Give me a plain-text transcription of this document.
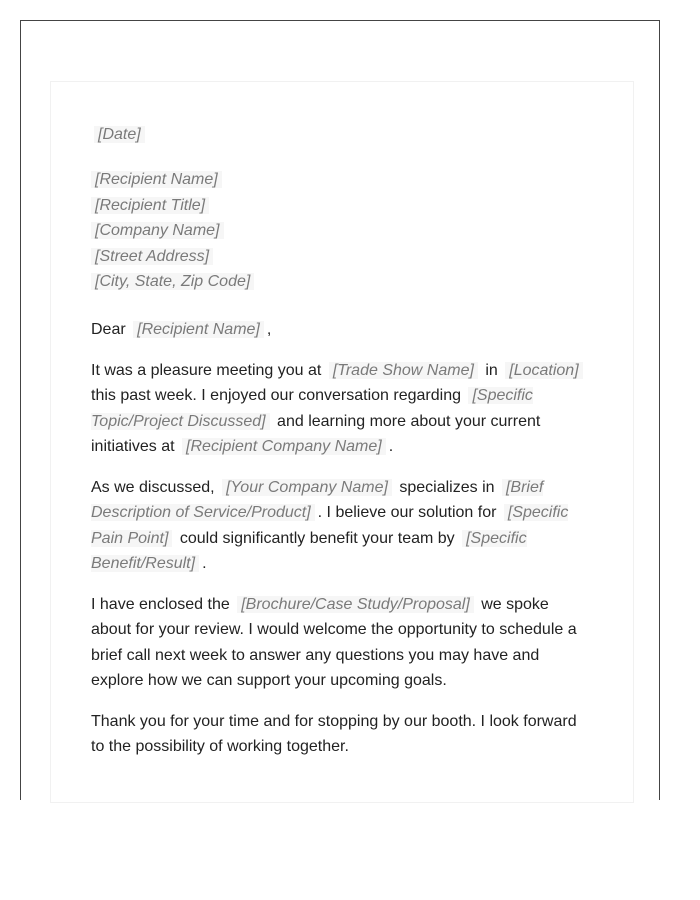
[Date]
[Recipient Name]
[Recipient Title]
[Company Name]
[Street Address]
[City, State, Zip Code]
Dear [Recipient Name] ,

It was a pleasure meeting you at [Trade Show Name] in [Location] this past week. I enjoyed our conversation regarding [Specific Topic/Project Discussed] and learning more about your current initiatives at [Recipient Company Name] .

As we discussed, [Your Company Name] specializes in [Brief Description of Service/Product] . I believe our solution for [Specific Pain Point] could significantly benefit your team by [Specific Benefit/Result] .

I have enclosed the [Brochure/Case Study/Proposal] we spoke about for your review. I would welcome the opportunity to schedule a brief call next week to answer any questions you may have and explore how we can support your upcoming goals.

Thank you for your time and for stopping by our booth. I look forward to the possibility of working together.
